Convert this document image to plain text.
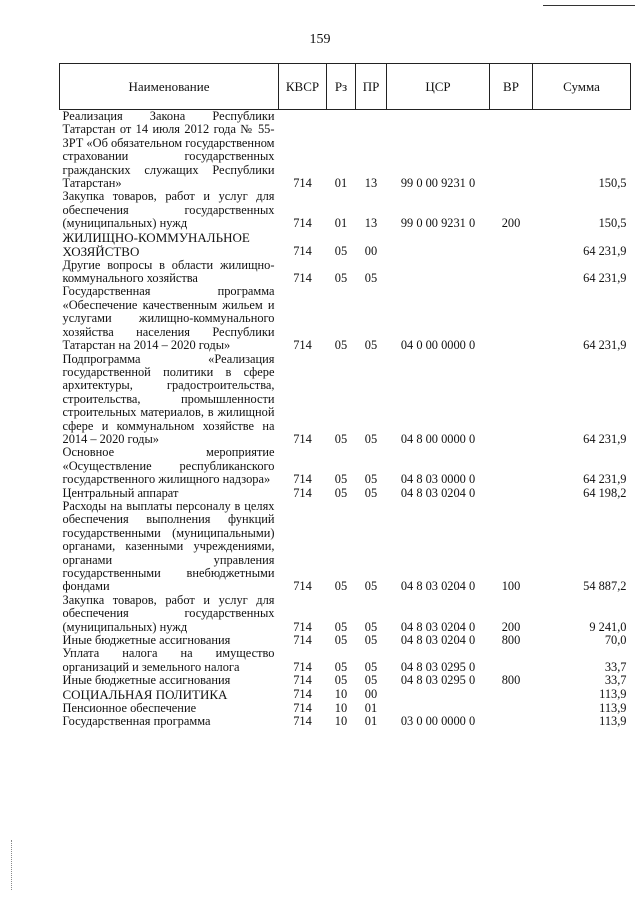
159
Наименование	КВСР	Рз	ПР	ЦСР	ВР	Сумма
Реализация Закона Республики Татарстан от 14 июля 2012 года № 55-ЗРТ «Об обязательном государственном страховании государственных гражданских служащих Республики Татарстан»	714	01	13	99 0 00 9231 0		150,5
Закупка товаров, работ и услуг для обеспечения государственных (муниципальных) нужд	714	01	13	99 0 00 9231 0	200	150,5
ЖИЛИЩНО-КОММУНАЛЬНОЕ ХОЗЯЙСТВО	714	05	00			64 231,9
Другие вопросы в области жилищно-коммунального хозяйства	714	05	05			64 231,9
Государственная программа «Обеспечение качественным жильем и услугами жилищно-коммунального хозяйства населения Республики Татарстан на 2014 – 2020 годы»	714	05	05	04 0 00 0000 0		64 231,9
Подпрограмма «Реализация государственной политики в сфере архитектуры, градостроительства, строительства, промышленности строительных материалов, в жилищной сфере и коммунальном хозяйстве на 2014 – 2020 годы»	714	05	05	04 8 00 0000 0		64 231,9
Основное мероприятие «Осуществление республиканского государственного жилищного надзора»	714	05	05	04 8 03 0000 0		64 231,9
Центральный аппарат	714	05	05	04 8 03 0204 0		64 198,2
Расходы на выплаты персоналу в целях обеспечения выполнения функций государственными (муниципальными) органами, казенными учреждениями, органами управления государственными внебюджетными фондами	714	05	05	04 8 03 0204 0	100	54 887,2
Закупка товаров, работ и услуг для обеспечения государственных (муниципальных) нужд	714	05	05	04 8 03 0204 0	200	9 241,0
Иные бюджетные ассигнования	714	05	05	04 8 03 0204 0	800	70,0
Уплата налога на имущество организаций и земельного налога	714	05	05	04 8 03 0295 0		33,7
Иные бюджетные ассигнования	714	05	05	04 8 03 0295 0	800	33,7
СОЦИАЛЬНАЯ ПОЛИТИКА	714	10	00			113,9
Пенсионное обеспечение	714	10	01			113,9
Государственная программа	714	10	01	03 0 00 0000 0		113,9
